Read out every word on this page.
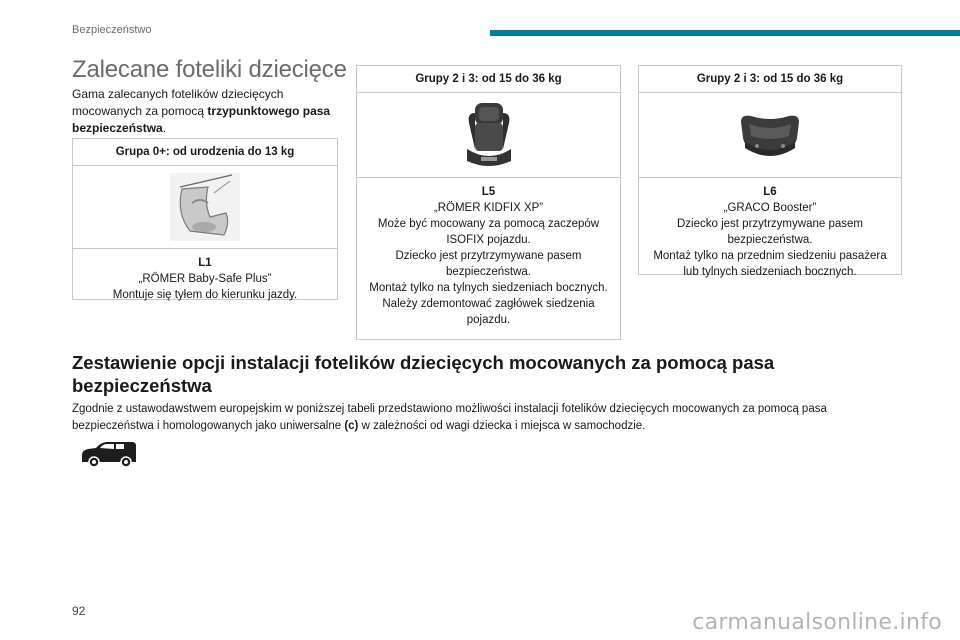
Bezpieczeństwo
Zalecane foteliki dziecięce

Gama zalecanych fotelików dziecięcych mocowanych za pomocą trzypunktowego pasa bezpieczeństwa.

Grupa 0+: od urodzenia do 13 kg
L1
„RÖMER Baby-Safe Plus”
Montuje się tyłem do kierunku jazdy.
Grupy 2 i 3: od 15 do 36 kg
L5
„RÖMER KIDFIX XP”
Może być mocowany za pomocą zaczepów ISOFIX pojazdu.
Dziecko jest przytrzymywane pasem bezpieczeństwa.
Montaż tylko na tylnych siedzeniach bocznych.
Należy zdemontować zagłówek siedzenia pojazdu.
Grupy 2 i 3: od 15 do 36 kg
L6
„GRACO Booster”
Dziecko jest przytrzymywane pasem bezpieczeństwa.
Montaż tylko na przednim siedzeniu pasażera lub tylnych siedzeniach bocznych.
Zestawienie opcji instalacji fotelików dziecięcych mocowanych za pomocą pasa bezpieczeństwa

Zgodnie z ustawodawstwem europejskim w poniższej tabeli przedstawiono możliwości instalacji fotelików dziecięcych mocowanych za pomocą pasa bezpieczeństwa i homologowanych jako uniwersalne (c) w zależności od wagi dziecka i miejsca w samochodzie.

92	carmanualsonline.info
